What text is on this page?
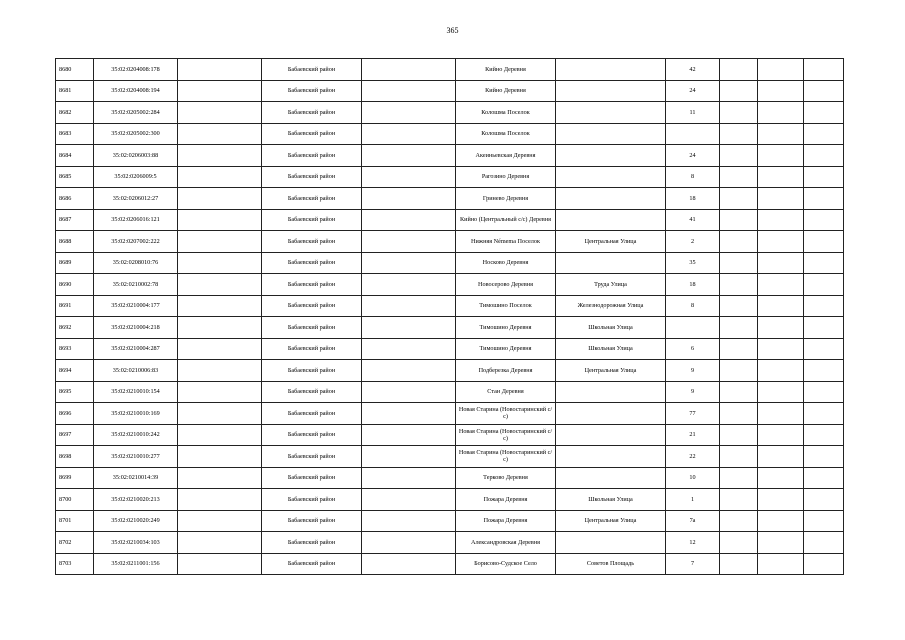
365
8680	35:02:0204008:178		Бабаевский район		Кийно Деревня		42			
8681	35:02:0204008:194		Бабаевский район		Кийно Деревня		24			
8682	35:02:0205002:284		Бабаевский район		Колошма Поселок		11			
8683	35:02:0205002:300		Бабаевский район		Колошма Поселок					
8684	35:02:0206003:88		Бабаевский район		Акеиньевская Деревня		24			
8685	35:02:0206009:5		Бабаевский район		Рагозино Деревня		8			
8686	35:02:0206012:27		Бабаевский район		Гринево Деревня		18			
8687	35:02:0206016:121		Бабаевский район		Кийно (Центральный с/с) Деревня		41			
8688	35:02:0207002:222		Бабаевский район		Нижняя Némema Поселок	Центральная Улица	2			
8689	35:02:0208010:76		Бабаевский район		Носково Деревня		35			
8690	35:02:0210002:78		Бабаевский район		Новосерово Деревня	Труда Улица	18			
8691	35:02:0210004:177		Бабаевский район		Тимошино Поселок	Железнодорожная Улица	8			
8692	35:02:0210004:218		Бабаевский район		Тимошино Деревня	Школьная Улица				
8693	35:02:0210004:287		Бабаевский район		Тимошино Деревня	Школьная Улица	6			
8694	35:02:0210006:83		Бабаевский район		Подберезка Деревня	Центральная Улица	9			
8695	35:02:0210010:154		Бабаевский район		Стан Деревня		9			
8696	35:02:0210010:169		Бабаевский район		Новая Старина (Новостаринский с/с)		77			
8697	35:02:0210010:242		Бабаевский район		Новая Старина (Новостаринский с/с)		21			
8698	35:02:0210010:277		Бабаевский район		Новая Старина (Новостаринский с/с)		22			
8699	35:02:0210014:39		Бабаевский район		Терково Деревня		10			
8700	35:02:0210020:213		Бабаевский район		Пожара Деревня	Школьная Улица	1			
8701	35:02:0210020:249		Бабаевский район		Пожара Деревня	Центральная Улица	7а			
8702	35:02:0210034:103		Бабаевский район		Александровская Деревня		12			
8703	35:02:0211001:156		Бабаевский район		Борисово-Судское Село	Советов Площадь	7			
